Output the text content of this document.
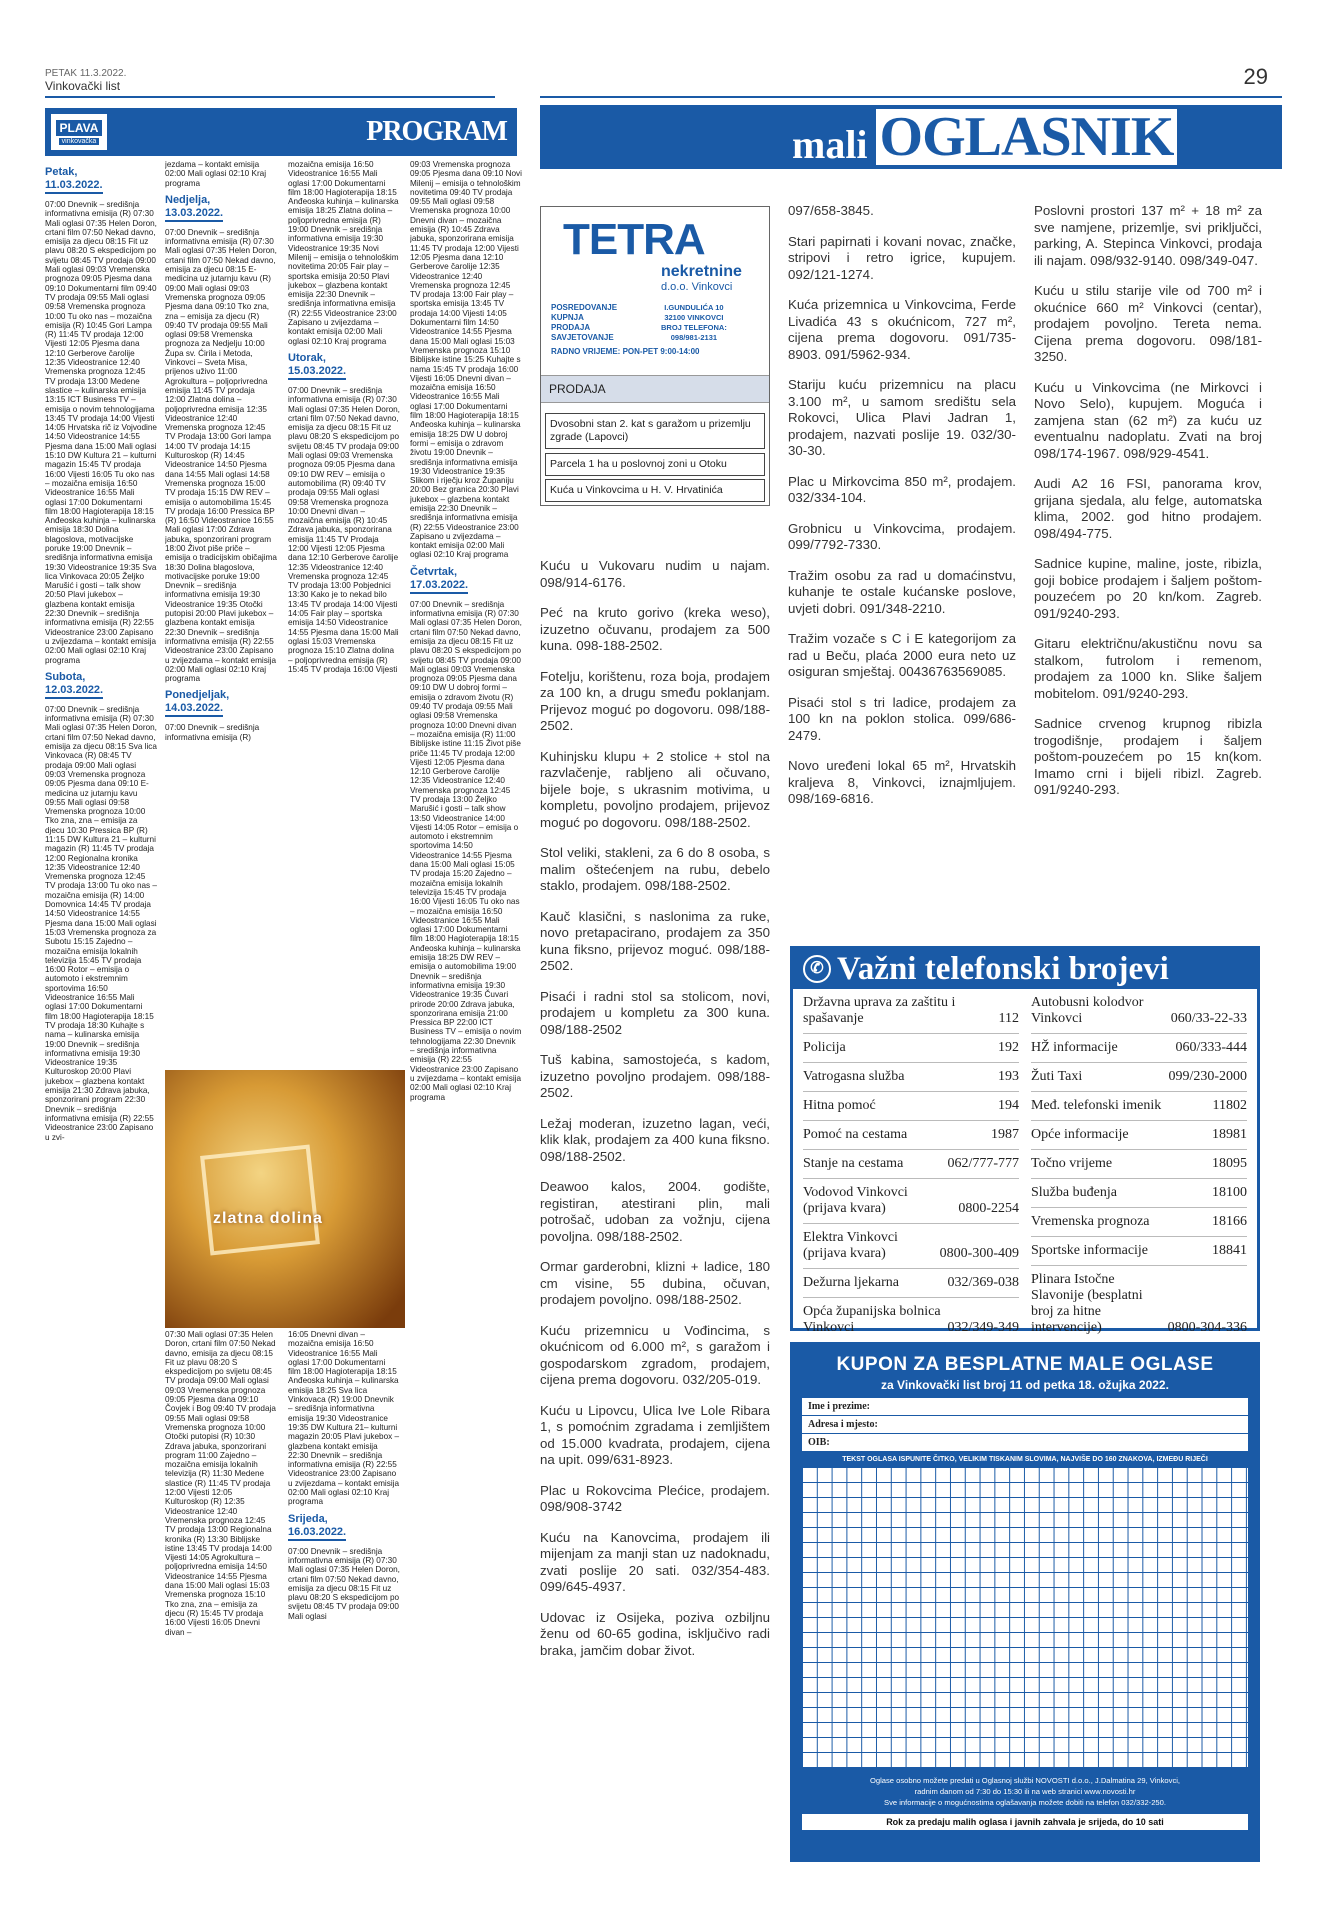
PETAK 11.3.2022.
Vinkovački list	29
PLAVA
vinkovačka	PROGRAM
Petak,
11.03.2022.

07:00 Dnevnik – središnja informativna emisija (R) 07:30 Mali oglasi 07:35 Helen Doron, crtani film 07:50 Nekad davno, emisija za djecu 08:15 Fit uz plavu 08:20 S ekspedicijom po svijetu 08:45 TV prodaja 09:00 Mali oglasi 09:03 Vremenska prognoza 09:05 Pjesma dana 09:10 Dokumentarni film 09:40 TV prodaja 09:55 Mali oglasi 09:58 Vremenska prognoza 10:00 Tu oko nas – mozaična emisija (R) 10:45 Gori Lampa (R) 11:45 TV prodaja 12:00 Vijesti 12:05 Pjesma dana 12:10 Gerberove čarolije 12:35 Videostranice 12:40 Vremenska prognoza 12:45 TV prodaja 13:00 Medene slastice – kulinarska emisija 13:15 ICT Business TV – emisija o novim tehnologijama 13:45 TV prodaja 14:00 Vijesti 14:05 Hrvatska rič iz Vojvodine 14:50 Videostranice 14:55 Pjesma dana 15:00 Mali oglasi 15:10 DW Kultura 21 – kulturni magazin 15:45 TV prodaja 16:00 Vijesti 16:05 Tu oko nas – mozaična emisija 16:50 Videostranice 16:55 Mali oglasi 17:00 Dokumentarni film 18:00 Hagioterapija 18:15 Anđeoska kuhinja – kulinarska emisija 18:30 Dolina blagoslova, motivacijske poruke 19:00 Dnevnik – središnja informativna emisija 19:30 Videostranice 19:35 Sva lica Vinkovaca 20:05 Željko Marušić i gosti – talk show 20:50 Plavi jukebox – glazbena kontakt emisija 22:30 Dnevnik – središnja informativna emisija (R) 22:55 Videostranice 23:00 Zapisano u zvijezdama – kontakt emisija 02:00 Mali oglasi 02:10 Kraj programa

Subota,
12.03.2022.

07:00 Dnevnik – središnja informativna emisija (R) 07:30 Mali oglasi 07:35 Helen Doron, crtani film 07:50 Nekad davno, emisija za djecu 08:15 Sva lica Vinkovaca (R) 08:45 TV prodaja 09:00 Mali oglasi 09:03 Vremenska prognoza 09:05 Pjesma dana 09:10 E-medicina uz jutarnju kavu 09:55 Mali oglasi 09:58 Vremenska prognoza 10:00 Tko zna, zna – emisija za djecu 10:30 Pressica BP (R) 11:15 DW Kultura 21 – kulturni magazin (R) 11:45 TV prodaja 12:00 Regionalna kronika 12:35 Videostranice 12:40 Vremenska prognoza 12:45 TV prodaja 13:00 Tu oko nas – mozaična emisija (R) 14:00 Domovnica 14:45 TV prodaja 14:50 Videostranice 14:55 Pjesma dana 15:00 Mali oglasi 15:03 Vremenska prognoza za Subotu 15:15 Zajedno – mozaična emisija lokalnih televizija 15:45 TV prodaja 16:00 Rotor – emisija o automoto i ekstremnim sportovima 16:50 Videostranice 16:55 Mali oglasi 17:00 Dokumentarni film 18:00 Hagioterapija 18:15 TV prodaja 18:30 Kuhajte s nama – kulinarska emisija 19:00 Dnevnik – središnja informativna emisija 19:30 Videostranice 19:35 Kulturoskop 20:00 Plavi jukebox – glazbena kontakt emisija 21:30 Zdrava jabuka, sponzorirani program 22:30 Dnevnik – središnja informativna emisija (R) 22:55 Videostranice 23:00 Zapisano u zvi-

jezdama – kontakt emisija 02:00 Mali oglasi 02:10 Kraj programa

Nedjelja,
13.03.2022.

07:00 Dnevnik – središnja informativna emisija (R) 07:30 Mali oglasi 07:35 Helen Doron, crtani film 07:50 Nekad davno, emisija za djecu 08:15 E-medicina uz jutarnju kavu (R) 09:00 Mali oglasi 09:03 Vremenska prognoza 09:05 Pjesma dana 09:10 Tko zna, zna – emisija za djecu (R) 09:40 TV prodaja 09:55 Mali oglasi 09:58 Vremenska prognoza za Nedjelju 10:00 Župa sv. Ćirila i Metoda, Vinkovci – Sveta Misa, prijenos uživo 11:00 Agrokultura – poljoprivredna emisija 11:45 TV prodaja 12:00 Zlatna dolina – poljoprivredna emisija 12:35 Videostranice 12:40 Vremenska prognoza 12:45 TV Prodaja 13:00 Gori lampa 14:00 TV prodaja 14:15 Kulturoskop (R) 14:45 Videostranice 14:50 Pjesma dana 14:55 Mali oglasi 14:58 Vremenska prognoza 15:00 TV prodaja 15:15 DW REV – emisija o automobilima 15:45 TV prodaja 16:00 Pressica BP (R) 16:50 Videostranice 16:55 Mali oglasi 17:00 Zdrava jabuka, sponzorirani program 18:00 Život piše priče – emisija o tradicijskim običajima 18:30 Dolina blagoslova, motivacijske poruke 19:00 Dnevnik – središnja informativna emisija 19:30 Videostranice 19:35 Otočki putopisi 20:00 Plavi jukebox – glazbena kontakt emisija 22:30 Dnevnik – središnja informativna emisija (R) 22:55 Videostranice 23:00 Zapisano u zvijezdama – kontakt emisija 02:00 Mali oglasi 02:10 Kraj programa

Ponedjeljak,
14.03.2022.

07:00 Dnevnik – središnja informativna emisija (R)

07:30 Mali oglasi 07:35 Helen Doron, crtani film 07:50 Nekad davno, emisija za djecu 08:15 Fit uz plavu 08:20 S ekspedicijom po svijetu 08:45 TV prodaja 09:00 Mali oglasi 09:03 Vremenska prognoza 09:05 Pjesma dana 09:10 Čovjek i Bog 09:40 TV prodaja 09:55 Mali oglasi 09:58 Vremenska prognoza 10:00 Otočki putopisi (R) 10:30 Zdrava jabuka, sponzorirani program 11:00 Zajedno – mozaična emisija lokalnih televizija (R) 11:30 Medene slastice (R) 11:45 TV prodaja 12:00 Vijesti 12:05 Kulturoskop (R) 12:35 Videostranice 12:40 Vremenska prognoza 12:45 TV prodaja 13:00 Regionalna kronika (R) 13:30 Biblijske istine 13:45 TV prodaja 14:00 Vijesti 14:05 Agrokultura – poljoprivredna emisija 14:50 Videostranice 14:55 Pjesma dana 15:00 Mali oglasi 15:03 Vremenska prognoza 15:10 Tko zna, zna – emisija za djecu (R) 15:45 TV prodaja 16:00 Vijesti 16:05 Dnevni divan –

mozaična emisija 16:50 Videostranice 16:55 Mali oglasi 17:00 Dokumentarni film 18:00 Hagioterapija 18:15 Anđeoska kuhinja – kulinarska emisija 18:25 Zlatna dolina – poljoprivredna emisija (R) 19:00 Dnevnik – središnja informativna emisija 19:30 Videostranice 19:35 Novi Milenij – emisija o tehnološkim novitetima 20:05 Fair play – sportska emisija 20:50 Plavi jukebox – glazbena kontakt emisija 22:30 Dnevnik – središnja informativna emisija (R) 22:55 Videostranice 23:00 Zapisano u zvijezdama – kontakt emisija 02:00 Mali oglasi 02:10 Kraj programa

Utorak,
15.03.2022.

07:00 Dnevnik – središnja informativna emisija (R) 07:30 Mali oglasi 07:35 Helen Doron, crtani film 07:50 Nekad davno, emisija za djecu 08:15 Fit uz plavu 08:20 S ekspedicijom po svijetu 08:45 TV prodaja 09:00 Mali oglasi 09:03 Vremenska prognoza 09:05 Pjesma dana 09:10 DW REV – emisija o automobilima (R) 09:40 TV prodaja 09:55 Mali oglasi 09:58 Vremenska prognoza 10:00 Dnevni divan – mozaična emisija (R) 10:45 Zdrava jabuka, sponzorirana emisija 11:45 TV Prodaja 12:00 Vijesti 12:05 Pjesma dana 12:10 Gerberove čarolije 12:35 Videostranice 12:40 Vremenska prognoza 12:45 TV prodaja 13:00 Pobjednici 13:30 Kako je to nekad bilo 13:45 TV prodaja 14:00 Vijesti 14:05 Fair play – sportska emisija 14:50 Videostranice 14:55 Pjesma dana 15:00 Mali oglasi 15:03 Vremenska prognoza 15:10 Zlatna dolina – poljoprivredna emisija (R) 15:45 TV prodaja 16:00 Vijesti

16:05 Dnevni divan – mozaična emisija 16:50 Videostranice 16:55 Mali oglasi 17:00 Dokumentarni film 18:00 Hagioterapija 18:15 Anđeoska kuhinja – kulinarska emisija 18:25 Sva lica Vinkovaca (R) 19:00 Dnevnik – središnja informativna emisija 19:30 Videostranice 19:35 DW Kultura 21– kulturni magazin 20:05 Plavi jukebox – glazbena kontakt emisija 22:30 Dnevnik – središnja informativna emisija (R) 22:55 Videostranice 23:00 Zapisano u zvijezdama – kontakt emisija 02:00 Mali oglasi 02:10 Kraj programa

Srijeda,
16.03.2022.

07:00 Dnevnik – središnja informativna emisija (R) 07:30 Mali oglasi 07:35 Helen Doron, crtani film 07:50 Nekad davno, emisija za djecu 08:15 Fit uz plavu 08:20 S ekspedicijom po svijetu 08:45 TV prodaja 09:00 Mali oglasi

09:03 Vremenska prognoza 09:05 Pjesma dana 09:10 Novi Milenij – emisija o tehnološkim novitetima 09:40 TV prodaja 09:55 Mali oglasi 09:58 Vremenska prognoza 10:00 Dnevni divan – mozaična emisija (R) 10:45 Zdrava jabuka, sponzorirana emisija 11:45 TV prodaja 12:00 Vijesti 12:05 Pjesma dana 12:10 Gerberove čarolije 12:35 Videostranice 12:40 Vremenska prognoza 12:45 TV prodaja 13:00 Fair play – sportska emisija 13:45 TV prodaja 14:00 Vijesti 14:05 Dokumentarni film 14:50 Videostranice 14:55 Pjesma dana 15:00 Mali oglasi 15:03 Vremenska prognoza 15:10 Biblijske istine 15:25 Kuhajte s nama 15:45 TV prodaja 16:00 Vijesti 16:05 Dnevni divan – mozaična emisija 16:50 Videostranice 16:55 Mali oglasi 17:00 Dokumentarni film 18:00 Hagioterapija 18:15 Anđeoska kuhinja – kulinarska emisija 18:25 DW U dobroj formi – emisija o zdravom životu 19:00 Dnevnik – središnja informativna emisija 19:30 Videostranice 19:35 Slikom i riječju kroz Županiju 20:00 Bez granica 20:30 Plavi jukebox – glazbena kontakt emisija 22:30 Dnevnik – središnja informativna emisija (R) 22:55 Videostranice 23:00 Zapisano u zvijezdama – kontakt emisija 02:00 Mali oglasi 02:10 Kraj programa

Četvrtak,
17.03.2022.

07:00 Dnevnik – središnja informativna emisija (R) 07:30 Mali oglasi 07:35 Helen Doron, crtani film 07:50 Nekad davno, emisija za djecu 08:15 Fit uz plavu 08:20 S ekspedicijom po svijetu 08:45 TV prodaja 09:00 Mali oglasi 09:03 Vremenska prognoza 09:05 Pjesma dana 09:10 DW U dobroj formi – emisija o zdravom životu (R) 09:40 TV prodaja 09:55 Mali oglasi 09:58 Vremenska prognoza 10:00 Dnevni divan – mozaična emisija (R) 11:00 Biblijske istine 11:15 Život piše priče 11:45 TV prodaja 12:00 Vijesti 12:05 Pjesma dana 12:10 Gerberove čarolije 12:35 Videostranice 12:40 Vremenska prognoza 12:45 TV prodaja 13:00 Željko Marušić i gosti – talk show 13:50 Videostranice 14:00 Vijesti 14:05 Rotor – emisija o automoto i ekstremnim sportovima 14:50 Videostranice 14:55 Pjesma dana 15:00 Mali oglasi 15:05 TV prodaja 15:20 Zajedno – mozaična emisija lokalnih televizija 15:45 TV prodaja 16:00 Vijesti 16:05 Tu oko nas – mozaična emisija 16:50 Videostranice 16:55 Mali oglasi 17:00 Dokumentarni film 18:00 Hagioterapija 18:15 Anđeoska kuhinja – kulinarska emisija 18:25 DW REV – emisija o automobilima 19:00 Dnevnik – središnja informativna emisija 19:30 Videostranice 19:35 Čuvari prirode 20:00 Zdrava jabuka, sponzorirana emisija 21:00 Pressica BP 22:00 ICT Business TV – emisija o novim tehnologijama 22:30 Dnevnik – središnja informativna emisija (R) 22:55 Videostranice 23:00 Zapisano u zvijezdama – kontakt emisija 02:00 Mali oglasi 02:10 Kraj programa

zlatna dolina
mali OGLASNIK
TETRA
nekretnine
d.o.o. Vinkovci
POSREDOVANJE
KUPNJA
PRODAJA
SAVJETOVANJE
I.GUNDULIĆA 10
32100 VINKOVCI
BROJ TELEFONA:
098/981-2131
RADNO VRIJEME: PON-PET 9:00-14:00
PRODAJA
Dvosobni stan 2. kat s garažom u prizemlju zgrade (Lapovci)
Parcela 1 ha u poslovnoj zoni u Otoku
Kuća u Vinkovcima u H. V. Hrvatinića

Kuću u Vukovaru nudim u najam. 098/914-6176.

Peć na kruto gorivo (kreka weso), izuzetno očuvanu, prodajem za 500 kuna. 098-188-2502.

Fotelju, korištenu, roza boja, prodajem za 100 kn, a drugu smeđu poklanjam. Prijevoz moguć po dogovoru. 098/188-2502.

Kuhinjsku klupu + 2 stolice + stol na razvlačenje, rabljeno ali očuvano, bijele boje, s ukrasnim motivima, u kompletu, povoljno prodajem, prijevoz moguć po dogovoru. 098/188-2502.

Stol veliki, stakleni, za 6 do 8 osoba, s malim oštećenjem na rubu, debelo staklo, prodajem. 098/188-2502.

Kauč klasični, s naslonima za ruke, novo pretapacirano, prodajem za 350 kuna fiksno, prijevoz moguć. 098/188-2502.

Pisaći i radni stol sa stolicom, novi, prodajem u kompletu za 300 kuna. 098/188-2502

Tuš kabina, samostojeća, s kadom, izuzetno povoljno prodajem. 098/188-2502.

Ležaj moderan, izuzetno lagan, veći, klik klak, prodajem za 400 kuna fiksno. 098/188-2502.

Deawoo kalos, 2004. godište, registiran, atestirani plin, mali potrošač, udoban za vožnju, cijena povoljna. 098/188-2502.

Ormar garderobni, klizni + ladice, 180 cm visine, 55 dubina, očuvan, prodajem povoljno. 098/188-2502.

Kuću prizemnicu u Vođincima, s okućnicom od 6.000 m², s garažom i gospodarskom zgradom, prodajem, cijena prema dogovoru. 032/205-019.

Kuću u Lipovcu, Ulica Ive Lole Ribara 1, s pomoćnim zgradama i zemljištem od 15.000 kvadrata, prodajem, cijena na upit. 099/631-8923.

Plac u Rokovcima Plećice, prodajem. 098/908-3742

Kuću na Kanovcima, prodajem ili mijenjam za manji stan uz nadoknadu, zvati poslije 20 sati. 032/354-483. 099/645-4937.

Udovac iz Osijeka, poziva ozbiljnu ženu od 60-65 godina, isključivo radi braka, jamčim dobar život.

097/658-3845.

Stari papirnati i kovani novac, značke, stripovi i retro igrice, kupujem. 092/121-1274.

Kuća prizemnica u Vinkovcima, Ferde Livadića 43 s okućnicom, 727 m², cijena prema dogovoru. 091/735-8903. 091/5962-934.

Stariju kuću prizemnicu na placu 3.100 m², u samom središtu sela Rokovci, Ulica Plavi Jadran 1, prodajem, nazvati poslije 19. 032/30-30-30.

Plac u Mirkovcima 850 m², prodajem. 032/334-104.

Grobnicu u Vinkovcima, prodajem. 099/7792-7330.

Tražim osobu za rad u domaćinstvu, kuhanje te ostale kućanske poslove, uvjeti dobri. 091/348-2210.

Tražim vozače s C i E kategorijom za rad u Beču, plaća 2000 eura neto uz osiguran smještaj. 00436763569085.

Pisaći stol s tri ladice, prodajem za 100 kn na poklon stolica. 099/686-2479.

Novo uređeni lokal 65 m², Hrvatskih kraljeva 8, Vinkovci, iznajmljujem. 098/169-6816.

Poslovni prostori 137 m² + 18 m² za sve namjene, prizemlje, svi priključci, parking, A. Stepinca Vinkovci, prodaja ili najam. 098/932-9140. 098/349-047.

Kuću u stilu starije vile od 700 m² i okućnice 660 m² Vinkovci (centar), prodajem povoljno. Tereta nema. Cijena prema dogovoru. 098/181-3250.

Kuću u Vinkovcima (ne Mirkovci i Novo Selo), kupujem. Moguća i zamjena stan (62 m²) za kuću uz eventualnu nadoplatu. Zvati na broj 098/174-1967. 098/929-4541.

Audi A2 16 FSI, panorama krov, grijana sjedala, alu felge, automatska klima, 2002. god hitno prodajem. 098/494-775.

Sadnice kupine, maline, joste, ribizla, goji bobice prodajem i šaljem poštom-pouzećem po 20 kn/kom. Zagreb. 091/9240-293.

Gitaru električnu/akustičnu novu sa stalkom, futrolom i remenom, prodajem za 1000 kn. Slike šaljem mobitelom. 091/9240-293.

Sadnice crvenog krupnog ribizla trogodišnje, prodajem i šaljem poštom-pouzećem po 15 kn(kom. Imamo crni i bijeli ribizl. Zagreb. 091/9240-293.

✆ Važni telefonski brojevi
Državna uprava za zaštitu i spašavanje	112
Policija	192
Vatrogasna služba	193
Hitna pomoć	194
Pomoć na cestama	1987
Stanje na cestama	062/777-777
Vodovod Vinkovci (prijava kvara)	0800-2254
Elektra Vinkovci (prijava kvara)	0800-300-409
Dežurna ljekarna	032/369-038
Opća županijska bolnica Vinkovci	032/349-349
Autobusni kolodvor Vinkovci	060/33-22-33
HŽ informacije	060/333-444
Žuti Taxi	099/230-2000
Međ. telefonski imenik	11802
Opće informacije	18981
Točno vrijeme	18095
Služba buđenja	18100
Vremenska prognoza	18166
Sportske informacije	18841
Plinara Istočne Slavonije (besplatni broj za hitne intervencije)	0800-304-336
KUPON ZA BESPLATNE MALE OGLASE
za Vinkovački list broj 11 od petka 18. ožujka 2022.
Ime i prezime:
Adresa i mjesto:
OIB:
TEKST OGLASA ISPUNITE ČITKO, VELIKIM TISKANIM SLOVIMA, NAJVIŠE DO 160 ZNAKOVA, IZMEĐU RIJEČI
Oglase osobno možete predati u Oglasnoj službi NOVOSTI d.o.o., J.Dalmatina 29, Vinkovci,
radnim danom od 7:30 do 15:30 ili na web stranici www.novosti.hr
Sve informacije o mogućnostima oglašavanja možete dobiti na telefon 032/332-250.
Rok za predaju malih oglasa i javnih zahvala je srijeda, do 10 sati
